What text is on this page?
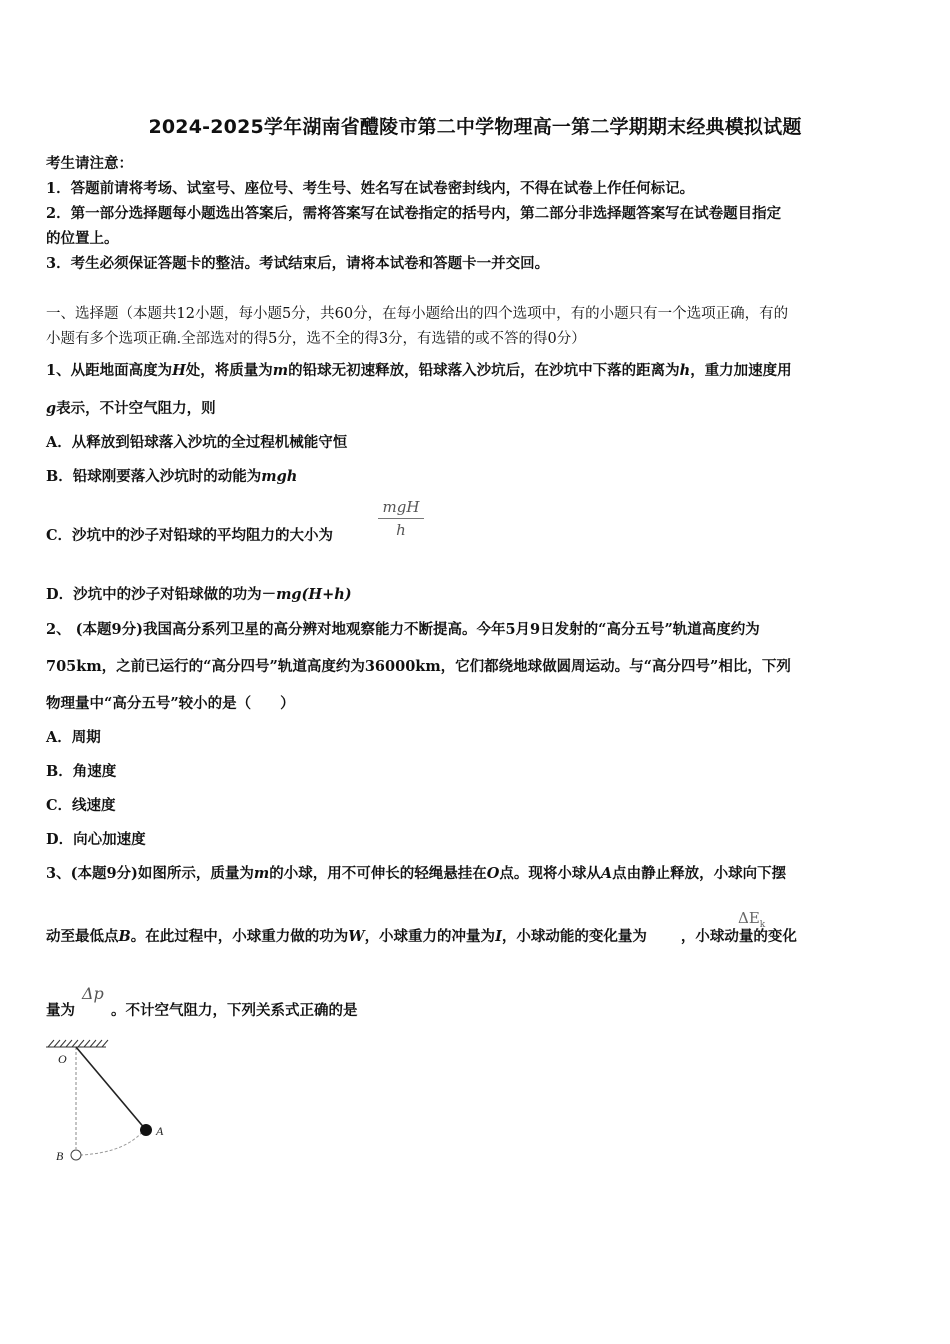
2024-2025学年湖南省醴陵市第二中学物理高一第二学期期末经典模拟试题
考生请注意：
1．答题前请将考场、试室号、座位号、考生号、姓名写在试卷密封线内，不得在试卷上作任何标记。
2．第一部分选择题每小题选出答案后，需将答案写在试卷指定的括号内，第二部分非选择题答案写在试卷题目指定
的位置上。
3．考生必须保证答题卡的整洁。考试结束后，请将本试卷和答题卡一并交回。
一、选择题（本题共12小题，每小题5分，共60分，在每小题给出的四个选项中，有的小题只有一个选项正确，有的
小题有多个选项正确.全部选对的得5分，选不全的得3分，有选错的或不答的得0分）
1、从距地面高度为H处，将质量为m的铅球无初速释放，铅球落入沙坑后，在沙坑中下落的距离为h，重力加速度用
g表示，不计空气阻力，则
A．从释放到铅球落入沙坑的全过程机械能守恒
B．铅球刚要落入沙坑时的动能为mgh
C．沙坑中的沙子对铅球的平均阻力的大小为
mgH
h
D．沙坑中的沙子对铅球做的功为－mg(H+h)
2、 (本题9分)我国高分系列卫星的高分辨对地观察能力不断提高。今年5月9日发射的“高分五号”轨道高度约为
705km，之前已运行的“高分四号”轨道高度约为36000km，它们都绕地球做圆周运动。与“高分四号”相比，下列
物理量中“高分五号”较小的是（　　）
A．周期
B．角速度
C．线速度
D．向心加速度
3、(本题9分)如图所示，质量为m的小球，用不可伸长的轻绳悬挂在O点。现将小球从A点由静止释放，小球向下摆
动至最低点B。在此过程中，小球重力做的功为W，小球重力的冲量为I，小球动能的变化量为 ，小球动量的变化
$\Delta E_k$
量为 。不计空气阻力，下列关系式正确的是
Δp
O
A
B
